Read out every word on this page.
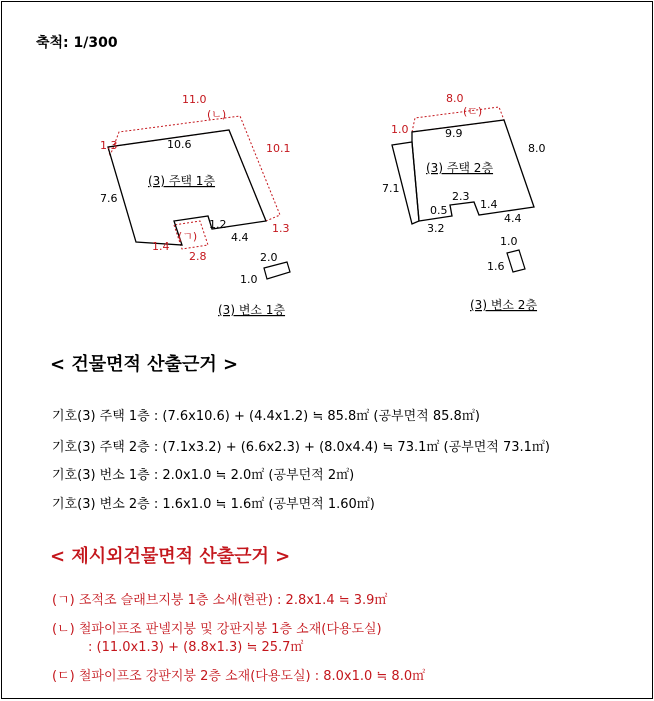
축척: 1/300
11.0
10.6
1.3	10.1
7.6
1.2
4.4
1.3
1.4
2.8
(ㄴ)
(ㄱ)
(3) 주택 1층
2.0
1.0
(3) 변소 1층
8.0
1.0	9.9
8.0
7.1
2.3
0.5	1.4
3.2
4.4
(ㄷ)
(3) 주택 2층
1.0
1.6
(3) 변소 2층
< 건물면적 산출근거 >
기호(3) 주택 1층 : (7.6x10.6) + (4.4x1.2) ≒ 85.8㎡ (공부면적 85.8㎡)
기호(3) 주택 2층 : (7.1x3.2) + (6.6x2.3) + (8.0x4.4) ≒ 73.1㎡ (공부면적 73.1㎡)
기호(3) 번소 1층 : 2.0x1.0 ≒ 2.0㎡ (공부던적 2㎡)
기호(3) 변소 2층 : 1.6x1.0 ≒ 1.6㎡ (공부면적 1.60㎡)
< 제시외건물면적 산출근거 >
(ㄱ) 조적조 슬래브지붕 1층 소새(현관) : 2.8x1.4 ≒ 3.9㎡
(ㄴ) 철파이프조 판넬지붕 및 강판지붕 1층 소재(다용도실)
: (11.0x1.3) + (8.8x1.3) ≒ 25.7㎡
(ㄷ) 철파이프조 강판지붕 2층 소재(다용도실) : 8.0x1.0 ≒ 8.0㎡
